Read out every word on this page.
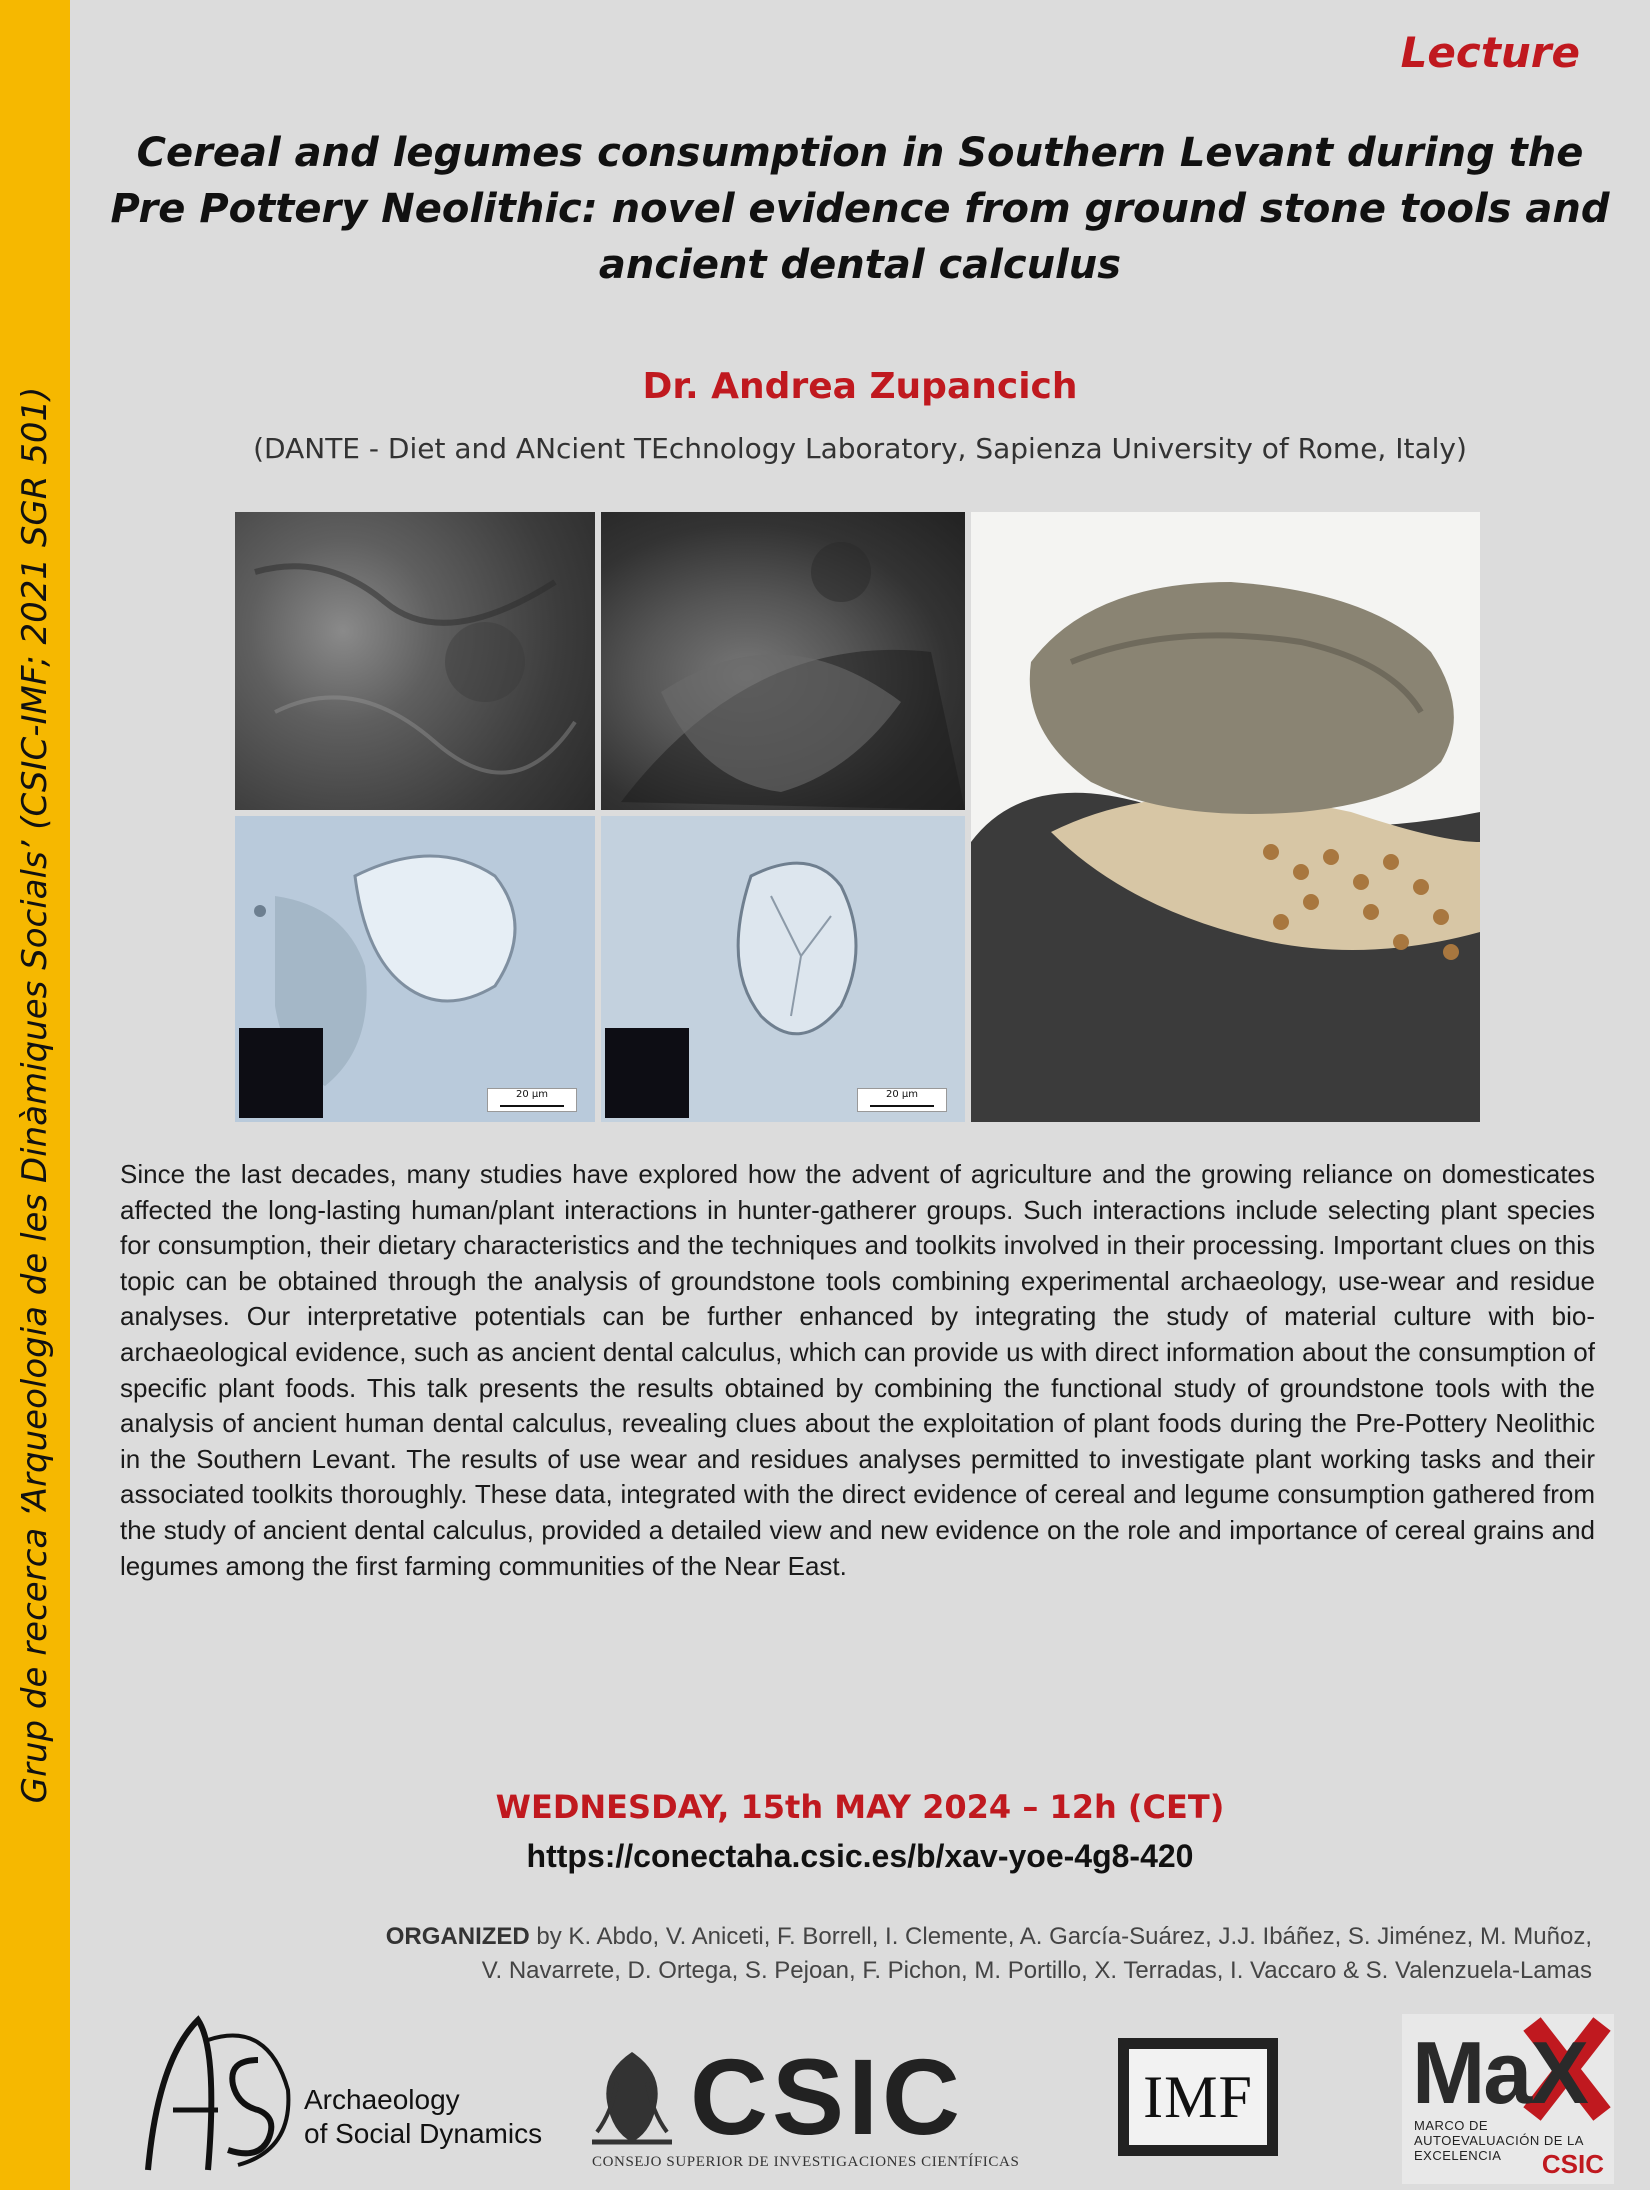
Grup de recerca ‘Arqueologia de les Dinàmiques Socials’ (CSIC-IMF; 2021 SGR 501)
Lecture
Cereal and legumes consumption in Southern Levant during the
Pre Pottery Neolithic: novel evidence from ground stone tools and
ancient dental calculus
Dr. Andrea Zupancich
(DANTE - Diet and ANcient TEchnology Laboratory, Sapienza University of Rome, Italy)
20 µm	20 µm
Since the last decades, many studies have explored how the advent of agriculture and the growing reliance on domesticates affected the long-lasting human/plant interactions in hunter-gatherer groups. Such interactions include selecting plant species for consumption, their dietary characteristics and the techniques and toolkits involved in their processing. Important clues on this topic can be obtained through the analysis of groundstone tools combining experimental archaeology, use-wear and residue analyses. Our interpretative potentials can be further enhanced by integrating the study of material culture with bio-archaeological evidence, such as ancient dental calculus, which can provide us with direct information about the consumption of specific plant foods. This talk presents the results obtained by combining the functional study of groundstone tools with the analysis of ancient human dental calculus, revealing clues about the exploitation of plant foods during the Pre-Pottery Neolithic in the Southern Levant. The results of use wear and residues analyses permitted to investigate plant working tasks and their associated toolkits thoroughly. These data, integrated with the direct evidence of cereal and legume consumption gathered from the study of ancient dental calculus, provided a detailed view and new evidence on the role and importance of cereal grains and legumes among the first farming communities of the Near East.
WEDNESDAY, 15th MAY 2024 – 12h (CET)
https://conectaha.csic.es/b/xav-yoe-4g8-420
ORGANIZED by K. Abdo, V. Aniceti, F. Borrell, I. Clemente, A. García-Suárez, J.J. Ibáñez, S. Jiménez, M. Muñoz,
V. Navarrete, D. Ortega, S. Pejoan, F. Pichon, M. Portillo, X. Terradas, I. Vaccaro & S. Valenzuela-Lamas
Archaeology
of Social Dynamics CSIC
CONSEJO SUPERIOR DE INVESTIGACIONES CIENTÍFICAS
IMF MaX
MARCO DE AUTOEVALUACIÓN DE LA EXCELENCIA	CSIC
